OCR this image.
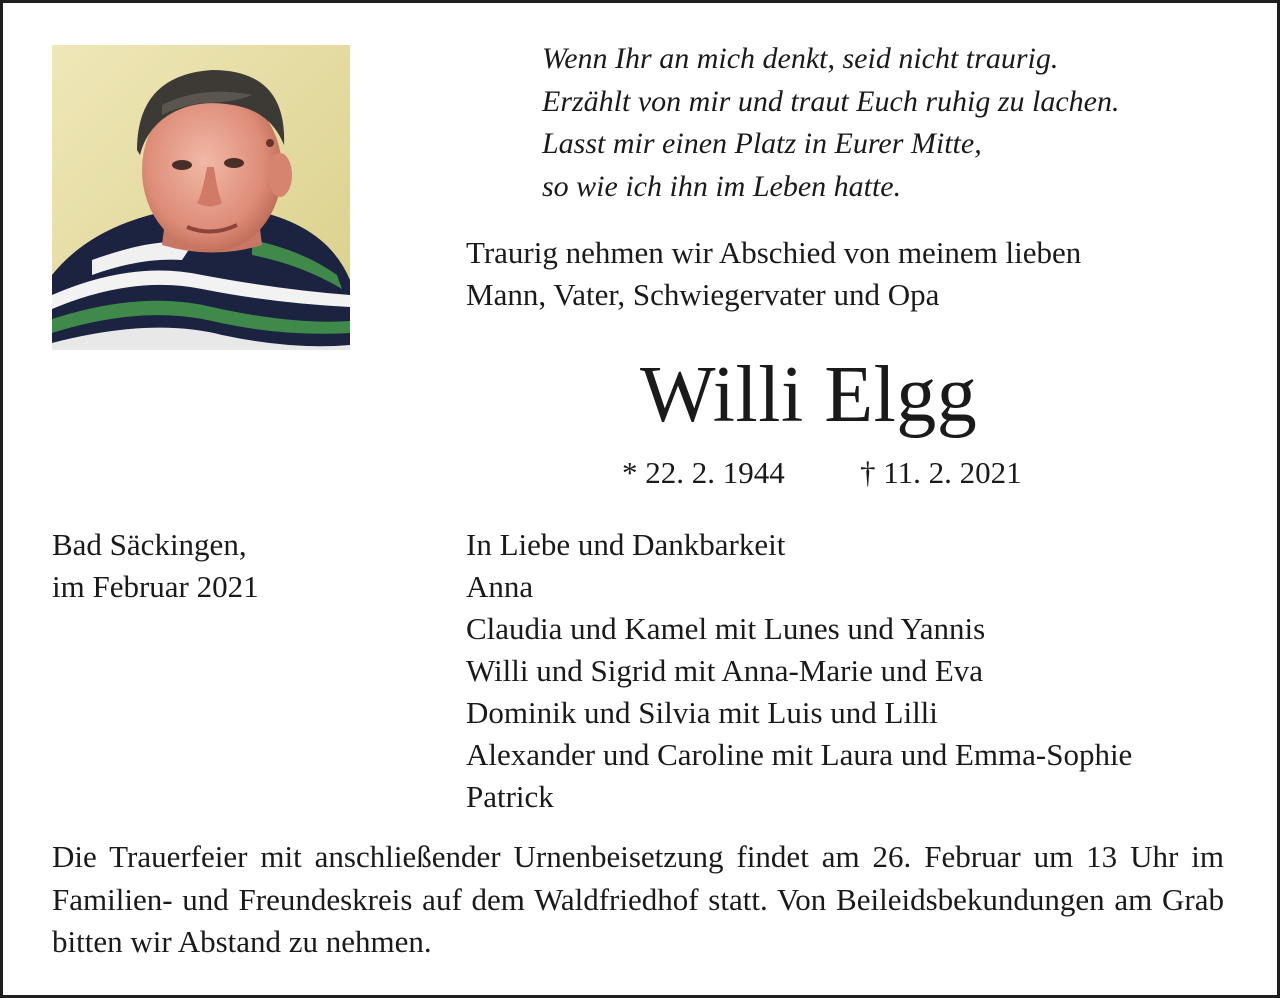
Wenn Ihr an mich denkt, seid nicht traurig.
Erzählt von mir und traut Euch ruhig zu lachen.
Lasst mir einen Platz in Eurer Mitte,
so wie ich ihn im Leben hatte.
Traurig nehmen wir Abschied von meinem lieben
Mann, Vater, Schwiegervater und Opa
Willi Elgg
* 22. 2. 1944 † 11. 2. 2021
Bad Säckingen,
im Februar 2021
In Liebe und Dankbarkeit
Anna
Claudia und Kamel mit Lunes und Yannis
Willi und Sigrid mit Anna-Marie und Eva
Dominik und Silvia mit Luis und Lilli
Alexander und Caroline mit Laura und Emma-Sophie
Patrick
Die Trauerfeier mit anschließender Urnenbeisetzung findet am 26. Februar um 13 Uhr im Familien- und Freundeskreis auf dem Waldfriedhof statt. Von Beileidsbekundungen am Grab bitten wir Abstand zu nehmen.
